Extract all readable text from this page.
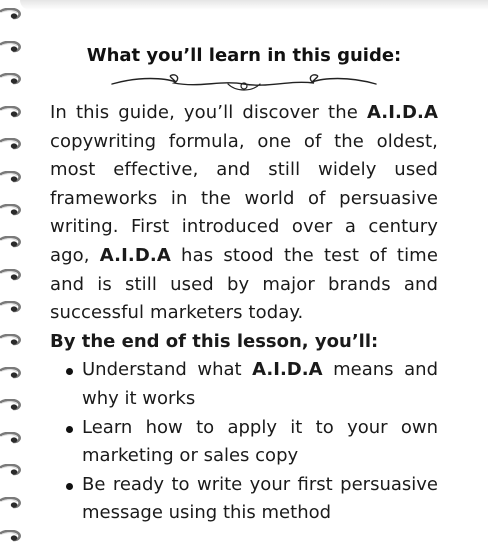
What you’ll learn in this guide:

In this guide, you’ll discover the A.I.D.A copywriting formula, one of the oldest, most effective, and still widely used frameworks in the world of persuasive writing. First introduced over a century ago, A.I.D.A has stood the test of time and is still used by major brands and successful marketers today.

By the end of this lesson, you’ll:

Understand what A.I.D.A means and why it works
Learn how to apply it to your own marketing or sales copy
Be ready to write your first persuasive message using this method
